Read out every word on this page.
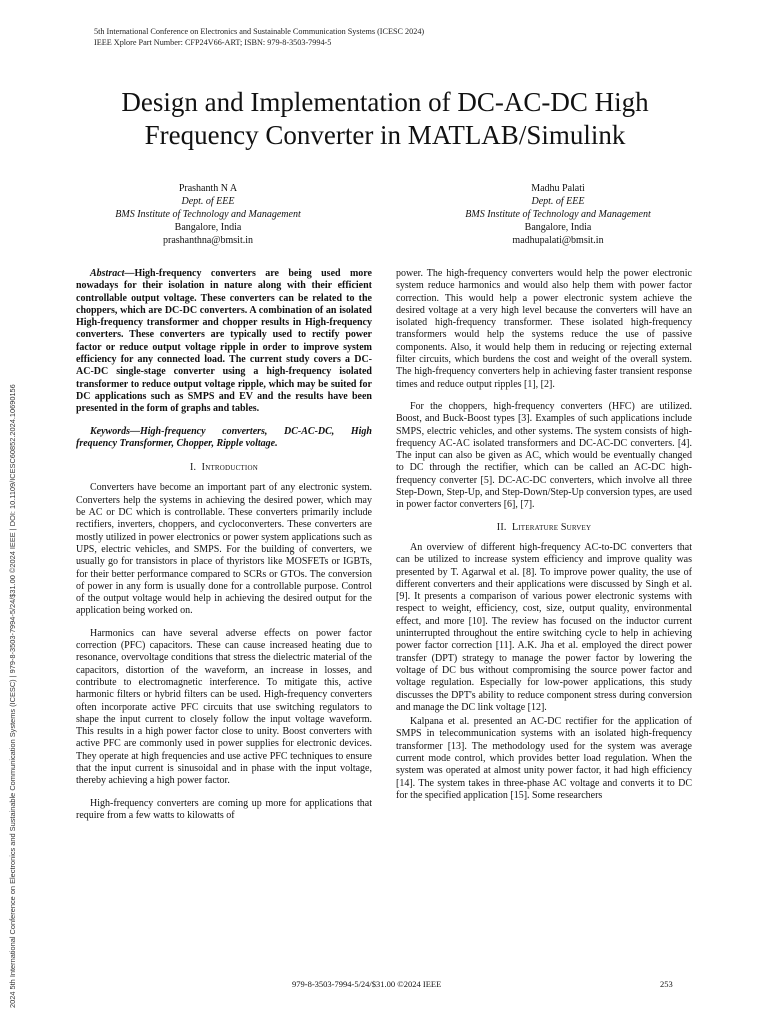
5th International Conference on Electronics and Sustainable Communication Systems (ICESC 2024)
IEEE Xplore Part Number: CFP24V66-ART; ISBN: 979-8-3503-7994-5
Design and Implementation of DC-AC-DC High
Frequency Converter in MATLAB/Simulink
Prashanth N A
Dept. of EEE
BMS Institute of Technology and Management
Bangalore, India
prashanthna@bmsit.in
Madhu Palati
Dept. of EEE
BMS Institute of Technology and Management
Bangalore, India
madhupalati@bmsit.in

Abstract—High-frequency converters are being used more nowadays for their isolation in nature along with their efficient controllable output voltage. These converters can be related to the choppers, which are DC-DC converters. A combination of an isolated High-frequency transformer and chopper results in High-frequency converters. These converters are typically used to rectify power factor or reduce output voltage ripple in order to improve system efficiency for any connected load. The current study covers a DC-AC-DC single-stage converter using a high-frequency isolated transformer to reduce output voltage ripple, which may be suited for DC applications such as SMPS and EV and the results have been presented in the form of graphs and tables.

Keywords—High-frequency converters, DC-AC-DC, High frequency Transformer, Chopper, Ripple voltage.

I. Introduction

Converters have become an important part of any electronic system. Converters help the systems in achieving the desired power, which may be AC or DC which is controllable. These converters primarily include rectifiers, inverters, choppers, and cycloconverters. These converters are mostly utilized in power electronics or power system applications such as UPS, electric vehicles, and SMPS. For the building of converters, we usually go for transistors in place of thyristors like MOSFETs or IGBTs, for their better performance compared to SCRs or GTOs. The conversion of power in any form is usually done for a controllable purpose. Control of the output voltage would help in achieving the desired output for the application being worked on.

Harmonics can have several adverse effects on power factor correction (PFC) capacitors. These can cause increased heating due to resonance, overvoltage conditions that stress the dielectric material of the capacitors, distortion of the waveform, an increase in losses, and contribute to electromagnetic interference. To mitigate this, active harmonic filters or hybrid filters can be used. High-frequency converters often incorporate active PFC circuits that use switching regulators to shape the input current to closely follow the input voltage waveform. This results in a high power factor close to unity. Boost converters with active PFC are commonly used in power supplies for electronic devices. They operate at high frequencies and use active PFC techniques to ensure that the input current is sinusoidal and in phase with the input voltage, thereby achieving a high power factor.

High-frequency converters are coming up more for applications that require from a few watts to kilowatts of

power. The high-frequency converters would help the power electronic system reduce harmonics and would also help them with power factor correction. This would help a power electronic system achieve the desired voltage at a very high level because the converters will have an isolated high-frequency transformer. These isolated high-frequency transformers would help the systems reduce the use of passive components. Also, it would help them in reducing or rejecting external filter circuits, which burdens the cost and weight of the overall system. The high-frequency converters help in achieving faster transient response times and reduce output ripples [1], [2].

For the choppers, high-frequency converters (HFC) are utilized. Boost, and Buck-Boost types [3]. Examples of such applications include SMPS, electric vehicles, and other systems. The system consists of high-frequency AC-AC isolated transformers and DC-AC-DC converters. [4]. The input can also be given as AC, which would be eventually changed to DC through the rectifier, which can be called an AC-DC high-frequency converter [5]. DC-AC-DC converters, which involve all three Step-Down, Step-Up, and Step-Down/Step-Up conversion types, are used in power factor converters [6], [7].

II. Literature Survey

An overview of different high-frequency AC-to-DC converters that can be utilized to increase system efficiency and improve quality was presented by T. Agarwal et al. [8]. To improve power quality, the use of different converters and their applications were discussed by Singh et al. [9]. It presents a comparison of various power electronic systems with respect to weight, efficiency, cost, size, output quality, environmental effect, and more [10]. The review has focused on the inductor current uninterrupted throughout the entire switching cycle to help in achieving power factor correction [11]. A.K. Jha et al. employed the direct power transfer (DPT) strategy to manage the power factor by lowering the voltage of DC bus without compromising the source power factor and voltage regulation. Especially for low-power applications, this study discusses the DPT's ability to reduce component stress during conversion and manage the DC link voltage [12].

Kalpana et al. presented an AC-DC rectifier for the application of SMPS in telecommunication systems with an isolated high-frequency transformer [13]. The methodology used for the system was average current mode control, which provides better load regulation. When the system was operated at almost unity power factor, it had high efficiency [14]. The system takes in three-phase AC voltage and converts it to DC for the specified application [15]. Some researchers

2024 5th International Conference on Electronics and Sustainable Communication Systems (ICESC) | 979-8-3503-7994-5/24/$31.00 ©2024 IEEE | DOI: 10.1109/ICESC60852.2024.10690156	979-8-3503-7994-5/24/$31.00 ©2024 IEEE	253
